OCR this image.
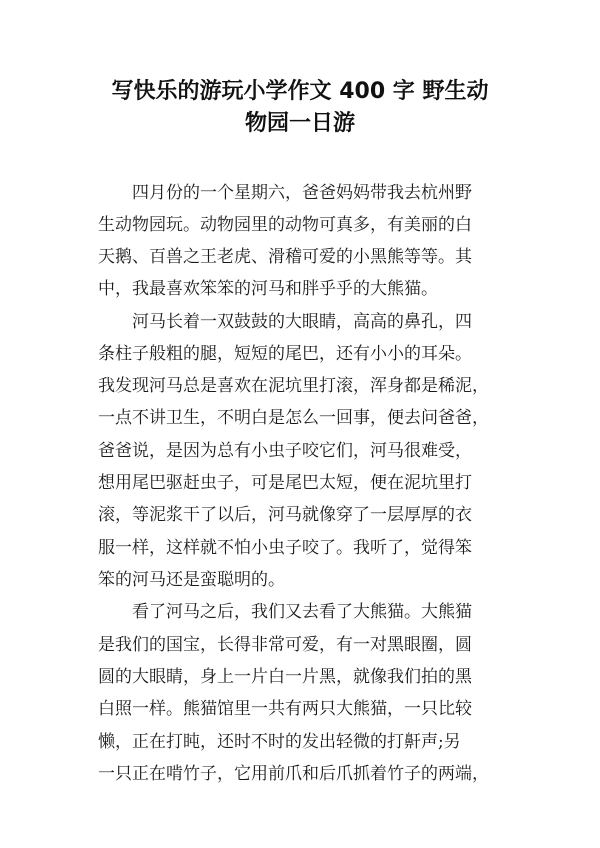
写快乐的游玩小学作文 400 字 野生动
物园一日游
四月份的一个星期六，爸爸妈妈带我去杭州野
生动物园玩。动物园里的动物可真多，有美丽的白
天鹅、百兽之王老虎、滑稽可爱的小黑熊等等。其
中，我最喜欢笨笨的河马和胖乎乎的大熊猫。
河马长着一双鼓鼓的大眼睛，高高的鼻孔，四
条柱子般粗的腿，短短的尾巴，还有小小的耳朵。
我发现河马总是喜欢在泥坑里打滚，浑身都是稀泥，
一点不讲卫生，不明白是怎么一回事，便去问爸爸，
爸爸说，是因为总有小虫子咬它们，河马很难受，
想用尾巴驱赶虫子，可是尾巴太短，便在泥坑里打
滚，等泥浆干了以后，河马就像穿了一层厚厚的衣
服一样，这样就不怕小虫子咬了。我听了，觉得笨
笨的河马还是蛮聪明的。
看了河马之后，我们又去看了大熊猫。大熊猫
是我们的国宝，长得非常可爱，有一对黑眼圈，圆
圆的大眼睛，身上一片白一片黑，就像我们拍的黑
白照一样。熊猫馆里一共有两只大熊猫，一只比较
懒，正在打盹，还时不时的发出轻微的打鼾声;另
一只正在啃竹子，它用前爪和后爪抓着竹子的两端，
